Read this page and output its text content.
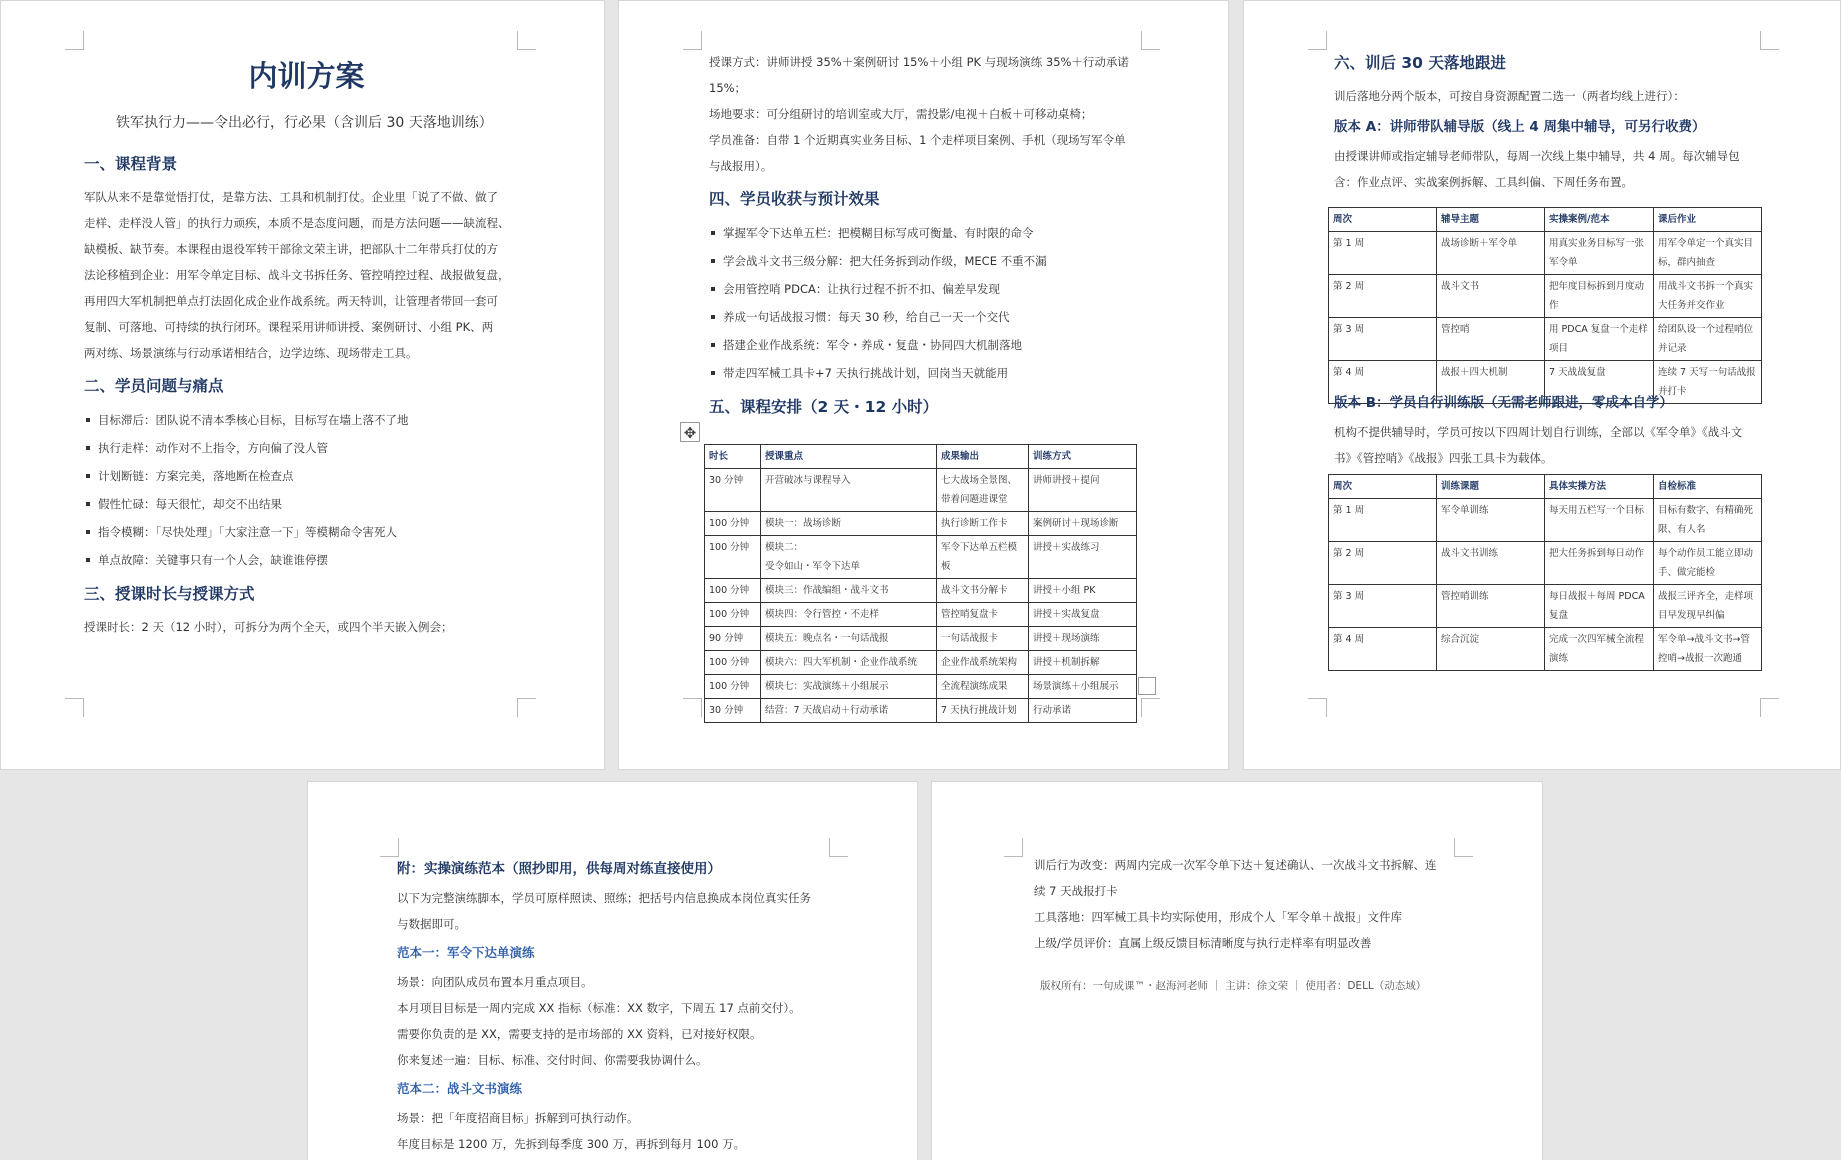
内训方案
铁军执行力——令出必行，行必果（含训后 30 天落地训练）
一、课程背景

军队从来不是靠觉悟打仗，是靠方法、工具和机制打仗。企业里「说了不做、做了

走样、走样没人管」的执行力顽疾，本质不是态度问题，而是方法问题——缺流程、

缺模板、缺节奏。本课程由退役军转干部徐文荣主讲，把部队十二年带兵打仗的方

法论移植到企业：用军令单定目标、战斗文书拆任务、管控哨控过程、战报做复盘，

再用四大军机制把单点打法固化成企业作战系统。两天特训，让管理者带回一套可

复制、可落地、可持续的执行闭环。课程采用讲师讲授、案例研讨、小组 PK、两

两对练、场景演练与行动承诺相结合，边学边练、现场带走工具。

二、学员问题与痛点
目标滞后：团队说不清本季核心目标，目标写在墙上落不了地
执行走样：动作对不上指令，方向偏了没人管
计划断链：方案完美，落地断在检查点
假性忙碌：每天很忙，却交不出结果
指令模糊：「尽快处理」「大家注意一下」等模糊命令害死人
单点故障：关键事只有一个人会，缺谁谁停摆
三、授课时长与授课方式

授课时长：2 天（12 小时），可拆分为两个全天，或四个半天嵌入例会；

授课方式：讲师讲授 35%＋案例研讨 15%＋小组 PK 与现场演练 35%＋行动承诺

15%；

场地要求：可分组研讨的培训室或大厅，需投影/电视＋白板＋可移动桌椅；

学员准备：自带 1 个近期真实业务目标、1 个走样项目案例、手机（现场写军令单

与战报用）。

四、学员收获与预计效果
掌握军令下达单五栏：把模糊目标写成可衡量、有时限的命令
学会战斗文书三级分解：把大任务拆到动作级，MECE 不重不漏
会用管控哨 PDCA：让执行过程不折不扣、偏差早发现
养成一句话战报习惯：每天 30 秒，给自己一天一个交代
搭建企业作战系统：军令・养成・复盘・协同四大机制落地
带走四军械工具卡+7 天执行挑战计划，回岗当天就能用
五、课程安排（2 天・12 小时）
✥
时长	授课重点	成果输出	训练方式
30 分钟	开营破冰与课程导入	七大战场全景图、带着问题进课堂	讲师讲授＋提问
100 分钟	模块一：战场诊断	执行诊断工作卡	案例研讨＋现场诊断
100 分钟	模块二：
受令如山・军令下达单	军令下达单五栏模板	讲授＋实战练习
100 分钟	模块三：作战编组・战斗文书	战斗文书分解卡	讲授＋小组 PK
100 分钟	模块四：令行管控・不走样	管控哨复盘卡	讲授＋实战复盘
90 分钟	模块五：晚点名・一句话战报	一句话战报卡	讲授＋现场演练
100 分钟	模块六：四大军机制・企业作战系统	企业作战系统架构	讲授＋机制拆解
100 分钟	模块七：实战演练＋小组展示	全流程演练成果	场景演练＋小组展示
30 分钟	结营：7 天战启动＋行动承诺	7 天执行挑战计划	行动承诺
六、训后 30 天落地跟进

训后落地分两个版本，可按自身资源配置二选一（两者均线上进行）：

版本 A：讲师带队辅导版（线上 4 周集中辅导，可另行收费）

由授课讲师或指定辅导老师带队，每周一次线上集中辅导，共 4 周。每次辅导包

含：作业点评、实战案例拆解、工具纠偏、下周任务布置。

周次	辅导主题	实操案例/范本	课后作业
第 1 周	战场诊断＋军令单	用真实业务目标写一张军令单	用军令单定一个真实目标，群内抽查
第 2 周	战斗文书	把年度目标拆到月度动作	用战斗文书拆一个真实大任务并交作业
第 3 周	管控哨	用 PDCA 复盘一个走样项目	给团队设一个过程哨位并记录
第 4 周	战报＋四大机制	7 天战战复盘	连续 7 天写一句话战报并打卡
版本 B：学员自行训练版（无需老师跟进，零成本自学）

机构不提供辅导时，学员可按以下四周计划自行训练，全部以《军令单》《战斗文

书》《管控哨》《战报》四张工具卡为载体。

周次	训练课题	具体实操方法	自检标准
第 1 周	军令单训练	每天用五栏写一个目标	目标有数字、有精确死限、有人名
第 2 周	战斗文书训练	把大任务拆到每日动作	每个动作员工能立即动手、做完能检
第 3 周	管控哨训练	每日战报＋每周 PDCA 复盘	战报三评齐全，走样项目早发现早纠偏
第 4 周	综合沉淀	完成一次四军械全流程演练	军令单→战斗文书→管控哨→战报一次跑通
附：实操演练范本（照抄即用，供每周对练直接使用）

以下为完整演练脚本，学员可原样照读、照练；把括号内信息换成本岗位真实任务

与数据即可。

范本一：军令下达单演练

场景：向团队成员布置本月重点项目。

本月项目目标是一周内完成 XX 指标（标准：XX 数字，下周五 17 点前交付）。

需要你负责的是 XX，需要支持的是市场部的 XX 资料，已对接好权限。

你来复述一遍：目标、标准、交付时间、你需要我协调什么。

范本二：战斗文书演练

场景：把「年度招商目标」拆解到可执行动作。

年度目标是 1200 万，先拆到每季度 300 万，再拆到每月 100 万。

训后行为改变：两周内完成一次军令单下达＋复述确认、一次战斗文书拆解、连

续 7 天战报打卡

工具落地：四军械工具卡均实际使用，形成个人「军令单＋战报」文件库

上级/学员评价：直属上级反馈目标清晰度与执行走样率有明显改善

版权所有：一句成课™・赵海河老师 ｜ 主讲：徐文荣 ｜ 使用者：DELL（动态域）
